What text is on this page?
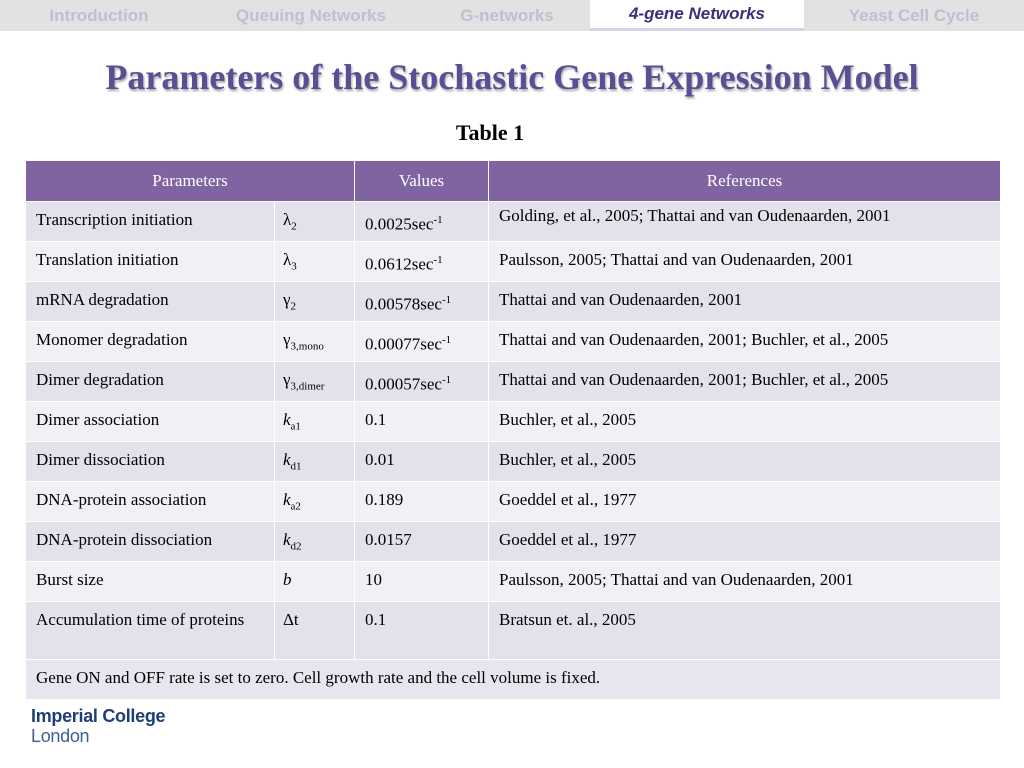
Introduction	Queuing Networks	G-networks	4-gene Networks	Yeast Cell Cycle
Parameters of the Stochastic Gene Expression Model
Table 1
Parameters		Values	References
Transcription initiation	$\lambda_2$	$0.0025\sec^{-1}$	Golding, et al., 2005; Thattai and van Oudenaarden, 2001
Translation initiation	$\lambda_3$	$0.0612\sec^{-1}$	Paulsson, 2005; Thattai and van Oudenaarden, 2001
mRNA degradation	$\gamma_2$	$0.00578\sec^{-1}$	Thattai and van Oudenaarden, 2001
Monomer degradation	$\gamma_{3,mono}$	$0.00077\sec^{-1}$	Thattai and van Oudenaarden, 2001; Buchler, et al., 2005
Dimer degradation	$\gamma_{3,dimer}$	$0.00057\sec^{-1}$	Thattai and van Oudenaarden, 2001; Buchler, et al., 2005
Dimer association	$k_{a1}$	0.1	Buchler, et al., 2005
Dimer dissociation	$k_{d1}$	0.01	Buchler, et al., 2005
DNA-protein association	$k_{a2}$	0.189	Goeddel et al., 1977
DNA-protein dissociation	$k_{d2}$	0.0157	Goeddel et al., 1977
Burst size	b	10	Paulsson, 2005; Thattai and van Oudenaarden, 2001
Accumulation time of proteins	Δt	0.1	Bratsun et. al., 2005
Gene ON and OFF rate is set to zero. Cell growth rate and the cell volume is fixed.			
Imperial College
London
